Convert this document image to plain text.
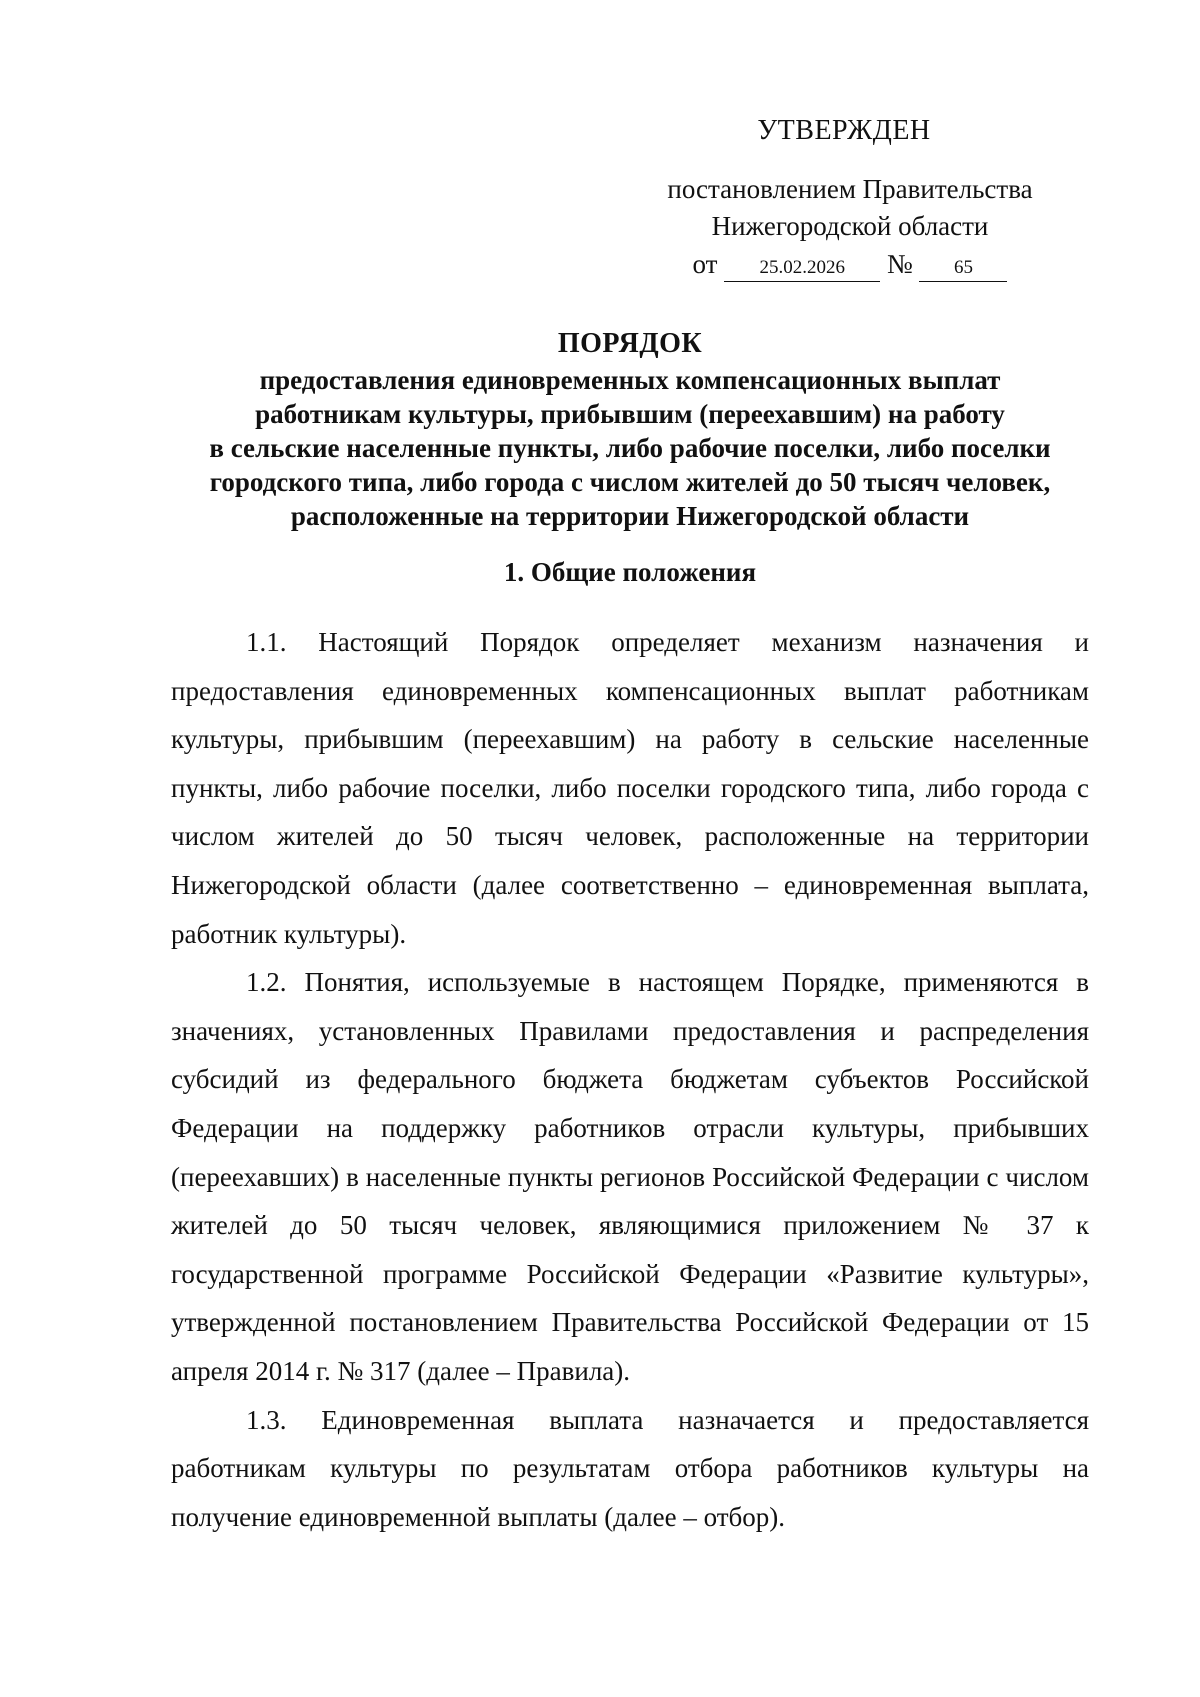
УТВЕРЖДЕН
постановлением Правительства
Нижегородской области
от 25.02.2026 № 65
ПОРЯДОК
предоставления единовременных компенсационных выплат
работникам культуры, прибывшим (переехавшим) на работу
в сельские населенные пункты, либо рабочие поселки, либо поселки
городского типа, либо города с числом жителей до 50 тысяч человек,
расположенные на территории Нижегородской области
1. Общие положения

1.1. Настоящий Порядок определяет механизм назначения и предоставления единовременных компенсационных выплат работникам культуры, прибывшим (переехавшим) на работу в сельские населенные пункты, либо рабочие поселки, либо поселки городского типа, либо города с числом жителей до 50 тысяч человек, расположенные на территории Нижегородской области (далее соответственно – единовременная выплата, работник культуры).

1.2. Понятия, используемые в настоящем Порядке, применяются в значениях, установленных Правилами предоставления и распределения субсидий из федерального бюджета бюджетам субъектов Российской Федерации на поддержку работников отрасли культуры, прибывших (переехавших) в населенные пункты регионов Российской Федерации с числом жителей до 50 тысяч человек, являющимися приложением № 37 к государственной программе Российской Федерации «Развитие культуры», утвержденной постановлением Правительства Российской Федерации от 15 апреля 2014 г. № 317 (далее – Правила).

1.3. Единовременная выплата назначается и предоставляется работникам культуры по результатам отбора работников культуры на получение единовременной выплаты (далее – отбор).
